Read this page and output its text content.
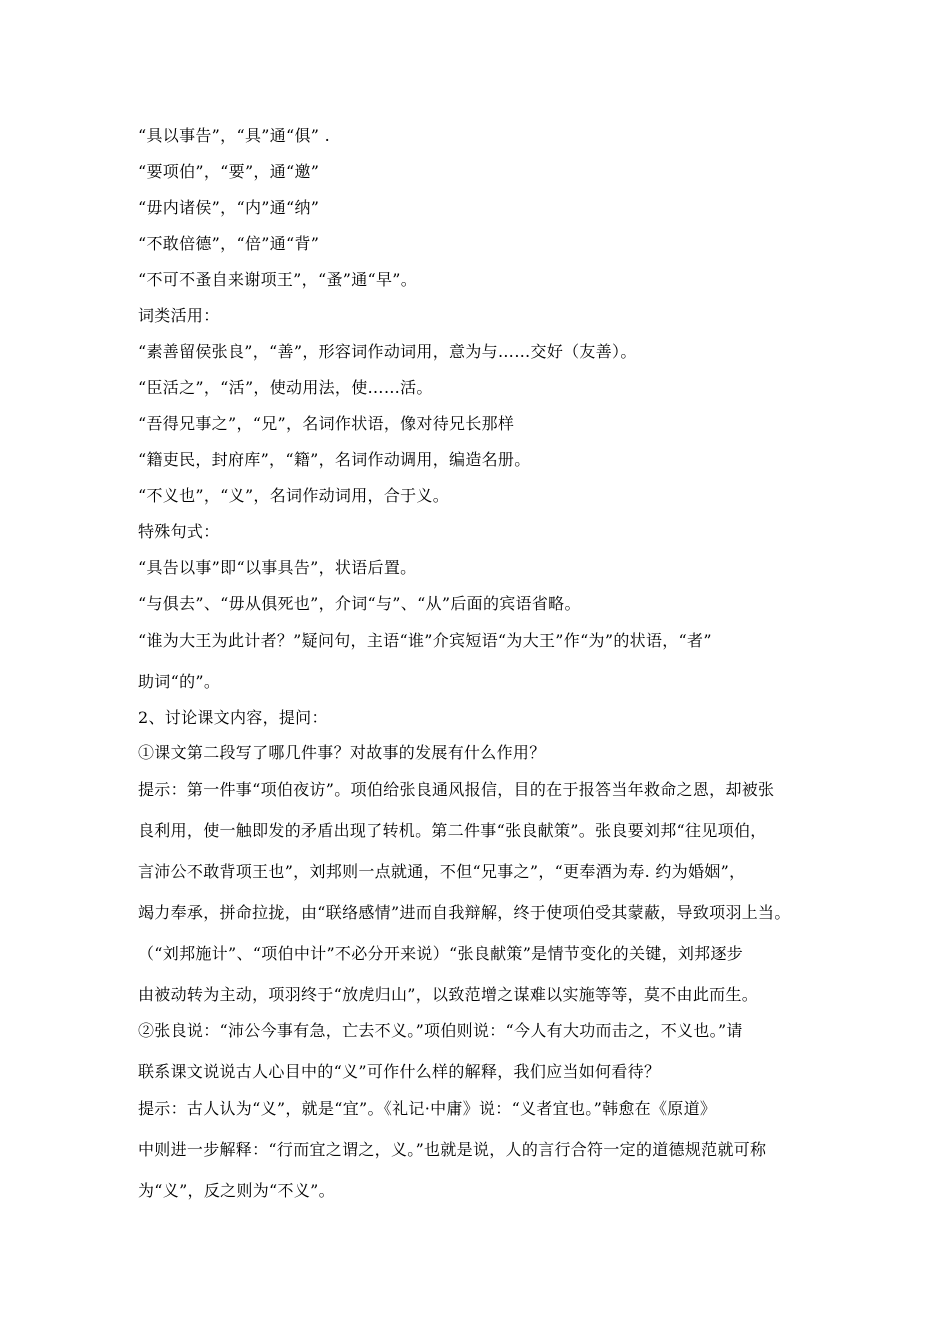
“具以事告”，“具”通“俱” .
“要项伯”，“要”，通“邀”
“毋内诸侯”，“内”通“纳”
“不敢倍德”，“倍”通“背”
“不可不蚤自来谢项王”，“蚤”通“早”。
词类活用：
“素善留侯张良”，“善”，形容词作动词用，意为与……交好（友善）。
“臣活之”，“活”，使动用法，使……活。
“吾得兄事之”，“兄”，名词作状语，像对待兄长那样
“籍吏民，封府库”，“籍”，名词作动调用，编造名册。
“不义也”，“义”，名词作动词用，合于义。
特殊句式：
“具告以事”即“以事具告”，状语后置。
“与俱去”、“毋从俱死也”，介词“与”、“从”后面的宾语省略。
“谁为大王为此计者？”疑问句，主语“谁”介宾短语“为大王”作“为”的状语，“者”
助词“的”。
2、讨论课文内容，提问：
①课文第二段写了哪几件事？对故事的发展有什么作用？
提示：第一件事“项伯夜访”。项伯给张良通风报信，目的在于报答当年救命之恩，却被张
良利用，使一触即发的矛盾出现了转机。第二件事“张良献策”。张良要刘邦“往见项伯，
言沛公不敢背项王也”，刘邦则一点就通，不但“兄事之”，“更奉酒为寿. 约为婚姻”，
竭力奉承，拼命拉拢，由“联络感情”进而自我辩解，终于使项伯受其蒙蔽，导致项羽上当。
（“刘邦施计”、“项伯中计”不必分开来说）“张良献策”是情节变化的关键，刘邦逐步
由被动转为主动，项羽终于“放虎归山”，以致范增之谋难以实施等等，莫不由此而生。
②张良说：“沛公今事有急，亡去不义。”项伯则说：“今人有大功而击之，不义也。”请
联系课文说说古人心目中的“义”可作什么样的解释，我们应当如何看待？
提示：古人认为“义”，就是“宜”。《礼记·中庸》说：“义者宜也。”韩愈在《原道》
中则进一步解释：“行而宜之谓之，义。”也就是说，人的言行合符一定的道德规范就可称
为“义”，反之则为“不义”。
